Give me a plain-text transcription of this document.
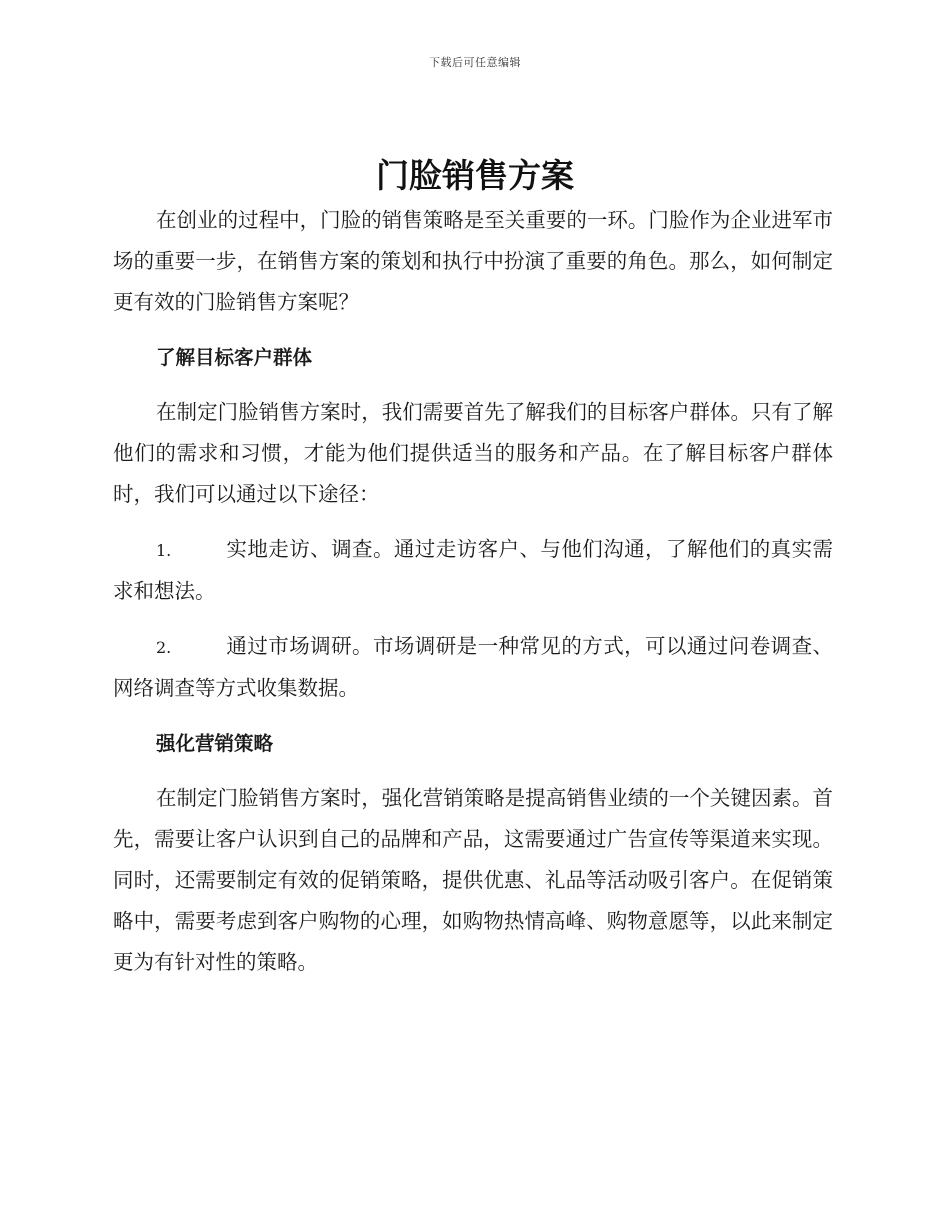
下载后可任意编辑
门脸销售方案

在创业的过程中，门脸的销售策略是至关重要的一环。门脸作为企业进军市场的重要一步，在销售方案的策划和执行中扮演了重要的角色。那么，如何制定更有效的门脸销售方案呢？

了解目标客户群体

在制定门脸销售方案时，我们需要首先了解我们的目标客户群体。只有了解他们的需求和习惯，才能为他们提供适当的服务和产品。在了解目标客户群体时，我们可以通过以下途径：

1.	实地走访、调查。通过走访客户、与他们沟通，了解他们的真实需求和想法。

2.	通过市场调研。市场调研是一种常见的方式，可以通过问卷调查、网络调查等方式收集数据。

强化营销策略

在制定门脸销售方案时，强化营销策略是提高销售业绩的一个关键因素。首先，需要让客户认识到自己的品牌和产品，这需要通过广告宣传等渠道来实现。同时，还需要制定有效的促销策略，提供优惠、礼品等活动吸引客户。在促销策略中，需要考虑到客户购物的心理，如购物热情高峰、购物意愿等，以此来制定更为有针对性的策略。
